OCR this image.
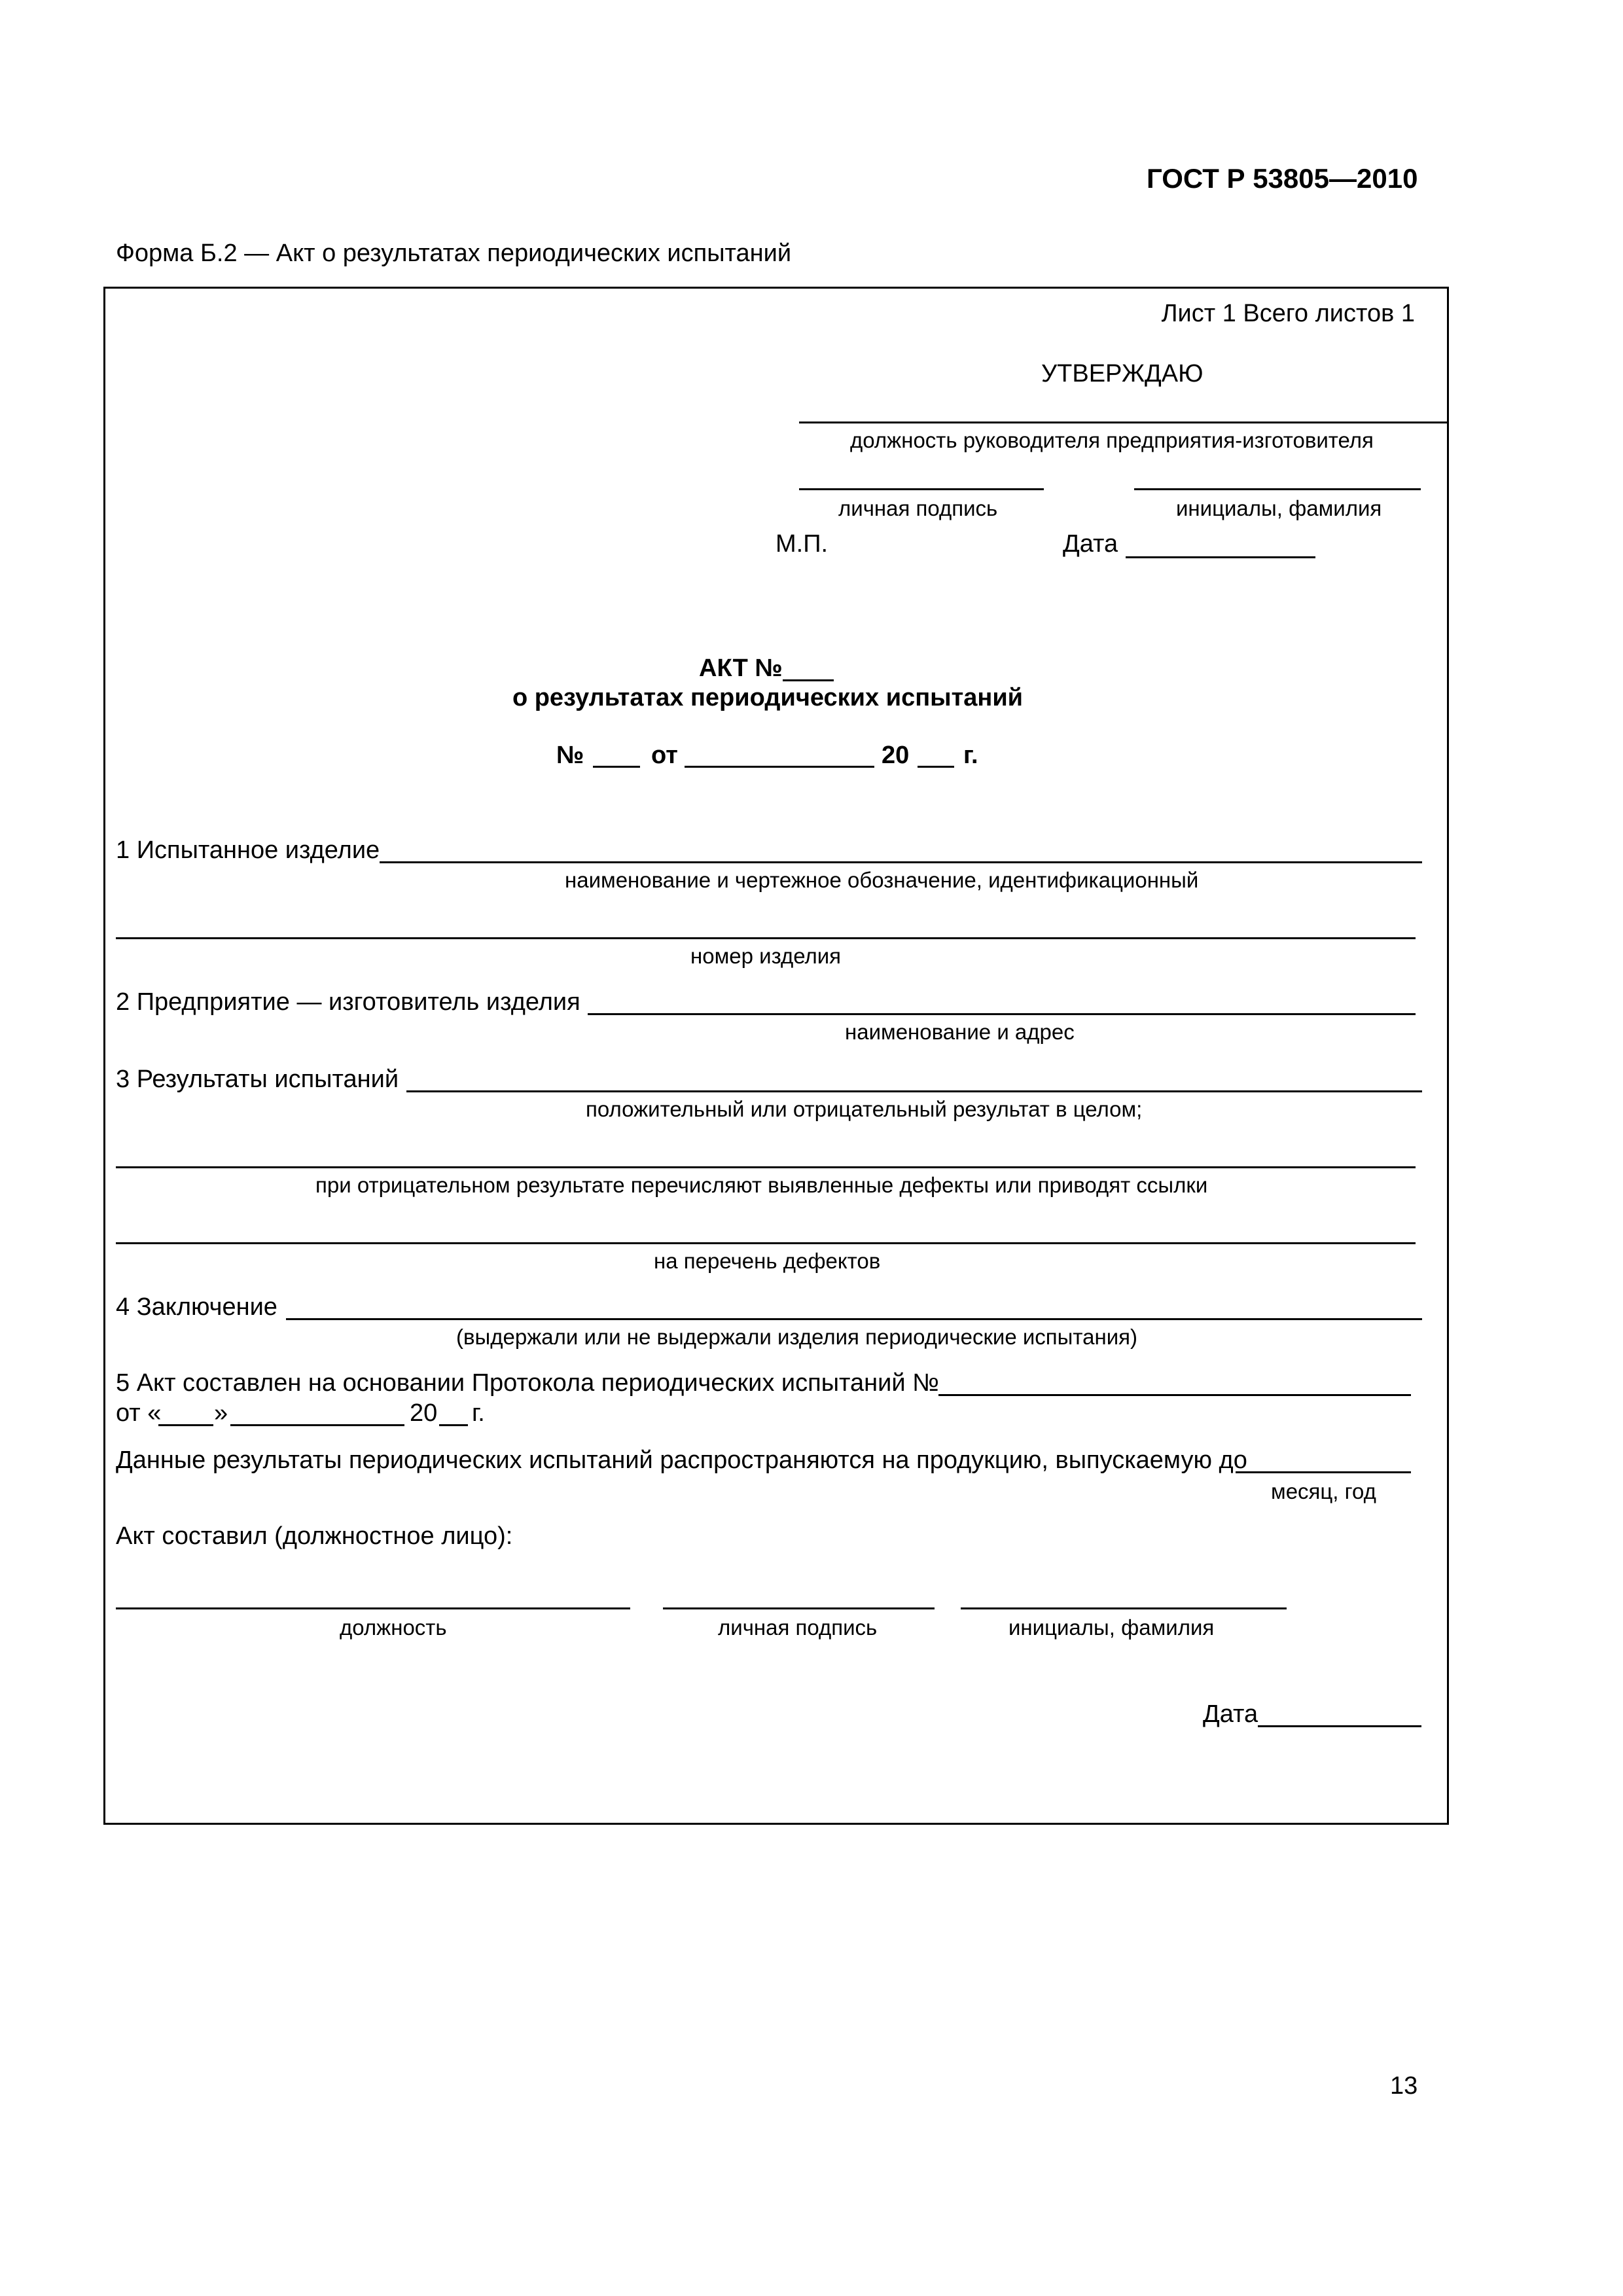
ГОСТ Р 53805—2010
Форма Б.2 — Акт о результатах периодических испытаний
Лист 1 Всего листов 1
УТВЕРЖДАЮ
должность руководителя предприятия-изготовителя
личная подпись	инициалы, фамилия
М.П.	Дата
АКТ №
о результатах периодических испытаний
№	от	20 г.
1 Испытанное изделие
наименование и чертежное обозначение, идентификационный
номер изделия
2 Предприятие — изготовитель изделия
наименование и адрес
3 Результаты испытаний
положительный или отрицательный результат в целом;
при отрицательном результате перечисляют выявленные дефекты или приводят ссылки
на перечень дефектов
4 Заключение
(выдержали или не выдержали изделия периодические испытания)
5 Акт составлен на основании Протокола периодических испытаний №
от « »	20 г.
Данные результаты периодических испытаний распространяются на продукцию, выпускаемую до
месяц, год
Акт составил (должностное лицо):
должность	личная подпись	инициалы, фамилия
Дата
13
